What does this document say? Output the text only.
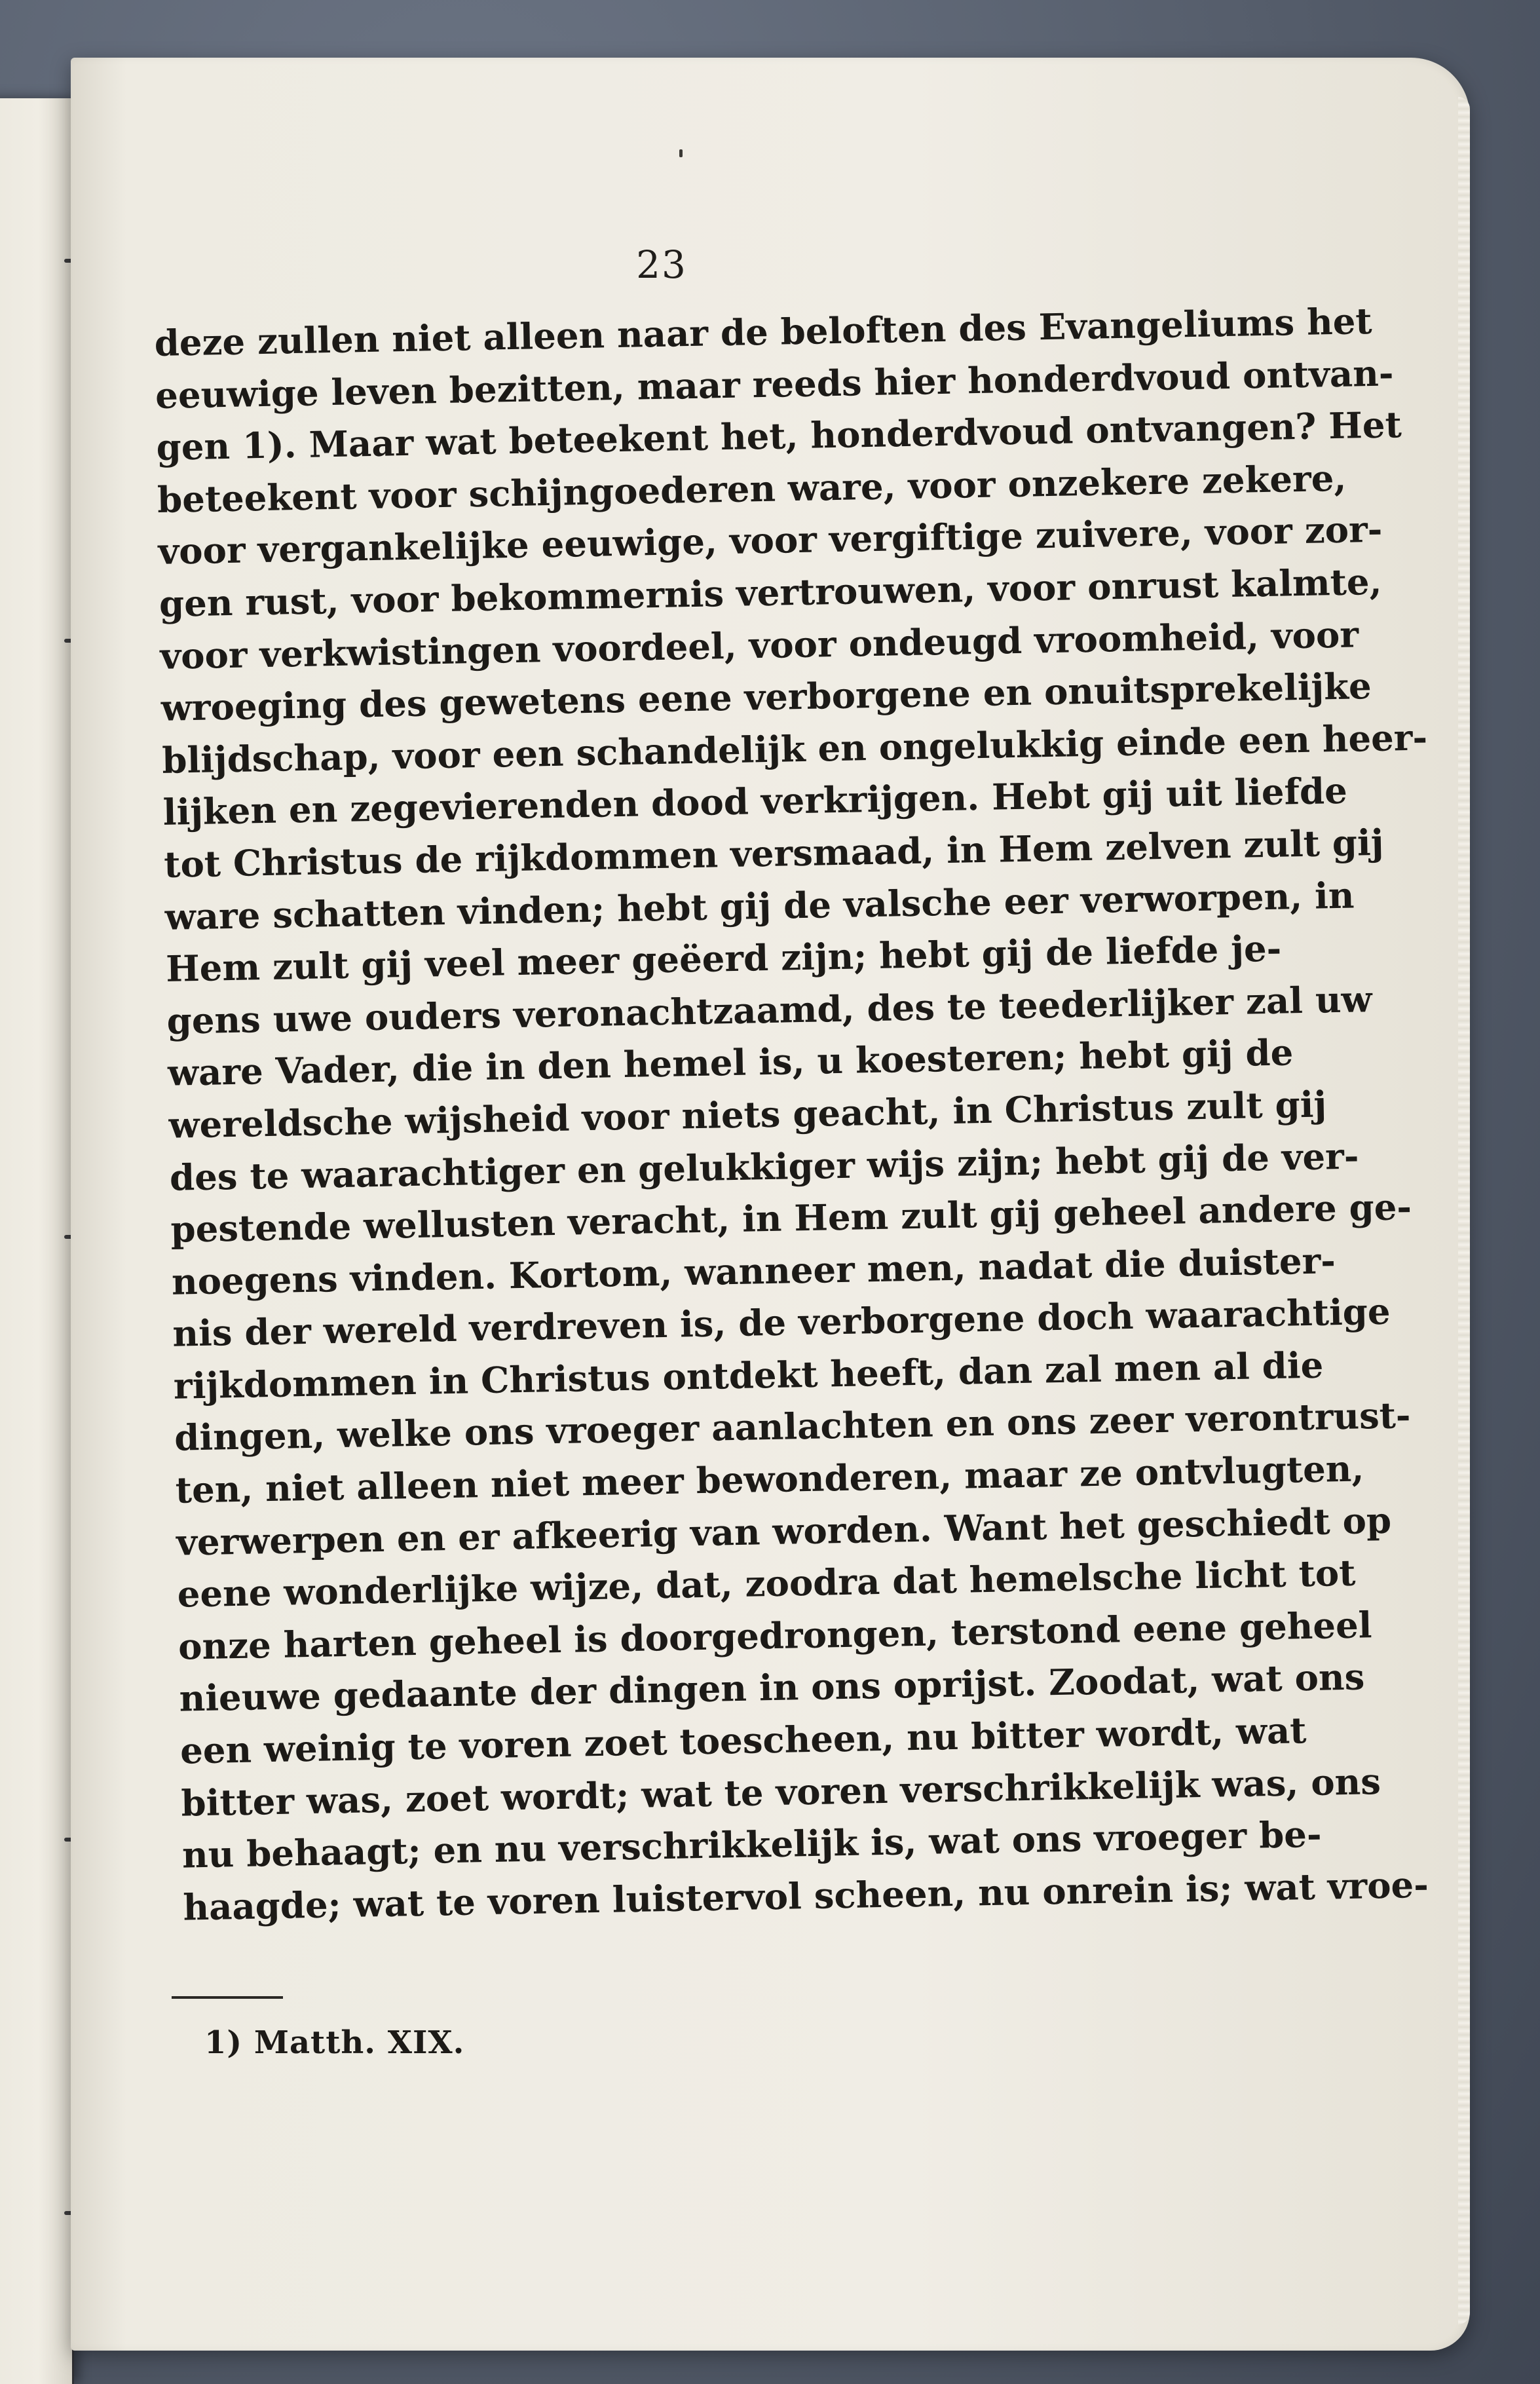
23
deze zullen niet alleen naar de beloften des Evangeliums het
eeuwige leven bezitten, maar reeds hier honderdvoud ontvan-
gen 1). Maar wat beteekent het, honderdvoud ontvangen? Het
beteekent voor schijngoederen ware, voor onzekere zekere,
voor vergankelijke eeuwige, voor vergiftige zuivere, voor zor-
gen rust, voor bekommernis vertrouwen, voor onrust kalmte,
voor verkwistingen voordeel, voor ondeugd vroomheid, voor
wroeging des gewetens eene verborgene en onuitsprekelijke
blijdschap, voor een schandelijk en ongelukkig einde een heer-
lijken en zegevierenden dood verkrijgen. Hebt gij uit liefde
tot Christus de rijkdommen versmaad, in Hem zelven zult gij
ware schatten vinden; hebt gij de valsche eer verworpen, in
Hem zult gij veel meer geëerd zijn; hebt gij de liefde je-
gens uwe ouders veronachtzaamd, des te teederlijker zal uw
ware Vader, die in den hemel is, u koesteren; hebt gij de
wereldsche wijsheid voor niets geacht, in Christus zult gij
des te waarachtiger en gelukkiger wijs zijn; hebt gij de ver-
pestende wellusten veracht, in Hem zult gij geheel andere ge-
noegens vinden. Kortom, wanneer men, nadat die duister-
nis der wereld verdreven is, de verborgene doch waarachtige
rijkdommen in Christus ontdekt heeft, dan zal men al die
dingen, welke ons vroeger aanlachten en ons zeer verontrust-
ten, niet alleen niet meer bewonderen, maar ze ontvlugten,
verwerpen en er afkeerig van worden. Want het geschiedt op
eene wonderlijke wijze, dat, zoodra dat hemelsche licht tot
onze harten geheel is doorgedrongen, terstond eene geheel
nieuwe gedaante der dingen in ons oprijst. Zoodat, wat ons
een weinig te voren zoet toescheen, nu bitter wordt, wat
bitter was, zoet wordt; wat te voren verschrikkelijk was, ons
nu behaagt; en nu verschrikkelijk is, wat ons vroeger be-
haagde; wat te voren luistervol scheen, nu onrein is; wat vroe-
1) Matth. XIX.
